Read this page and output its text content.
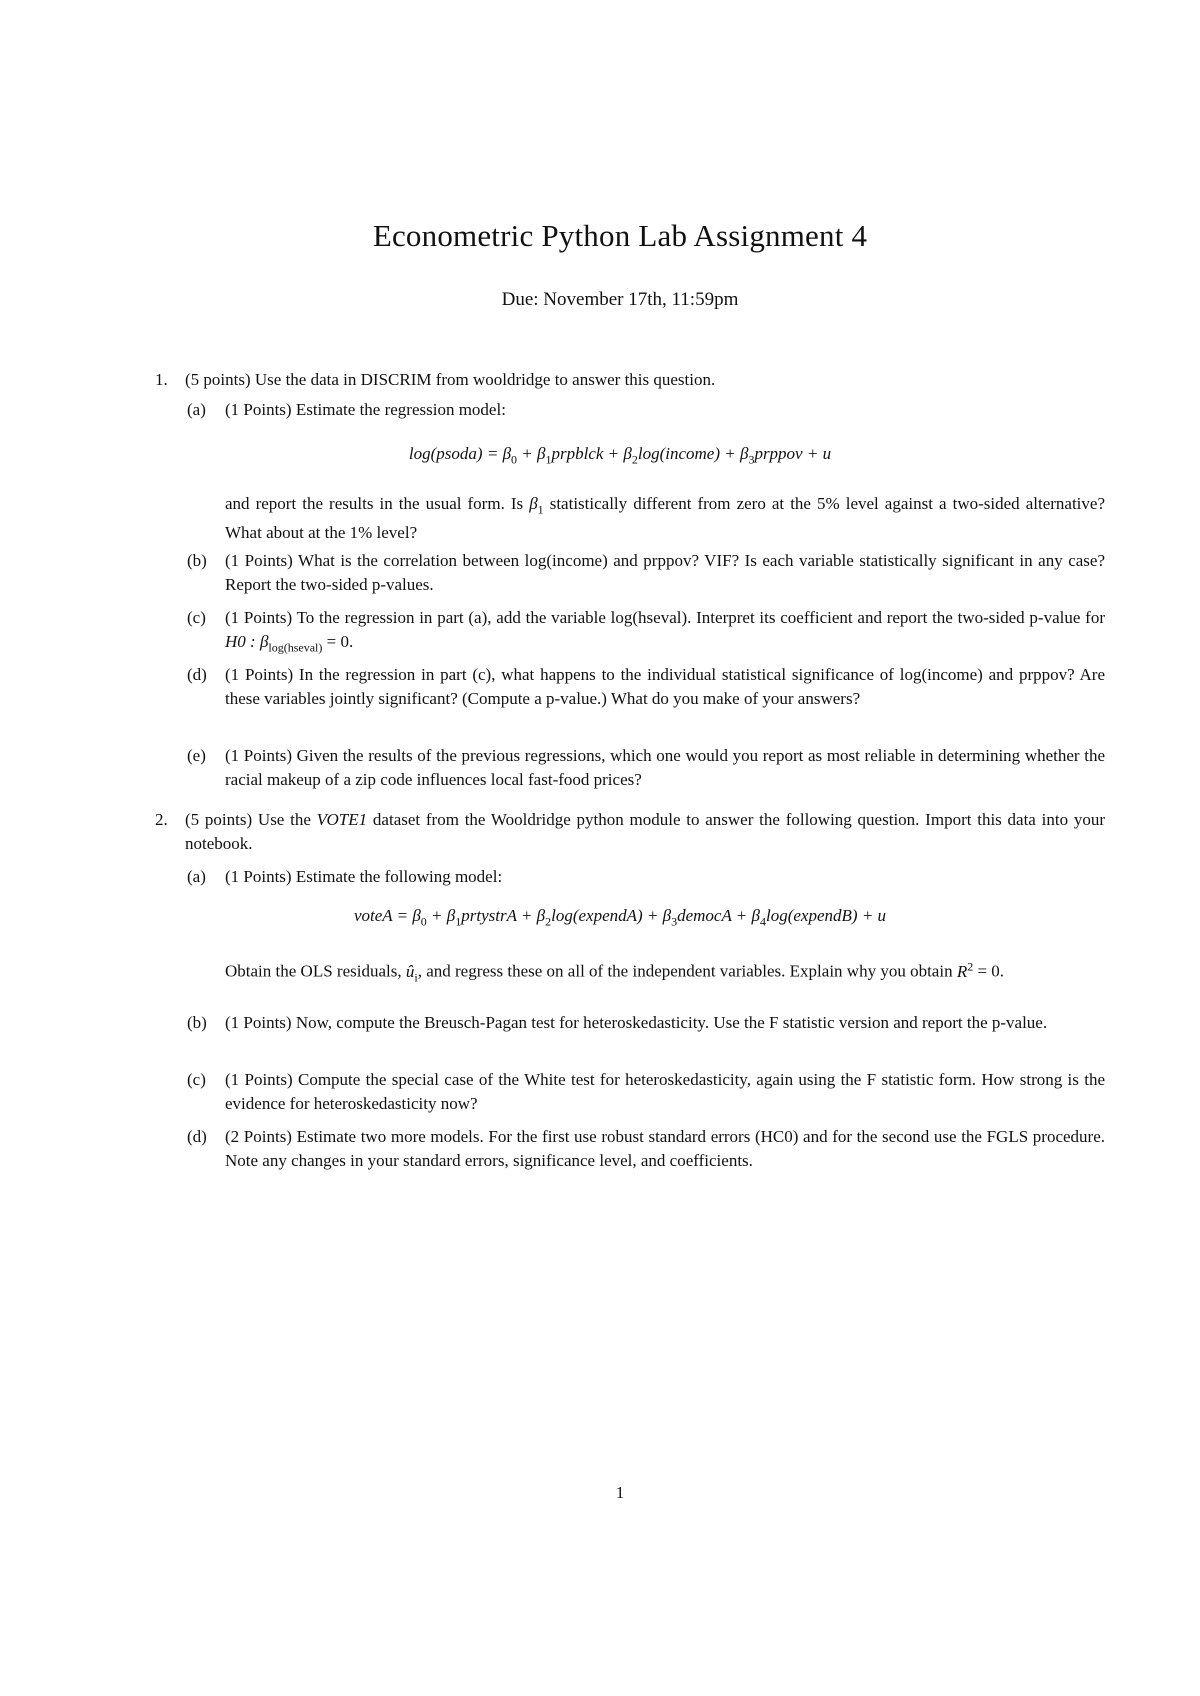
Econometric Python Lab Assignment 4
Due: November 17th, 11:59pm
1. (5 points) Use the data in DISCRIM from wooldridge to answer this question.
(a) (1 Points) Estimate the regression model:
log(psoda) = $\beta_0$ + $\beta_1prpblck$ + $\beta_2\log(income)$ + $\beta_3prppov + u$
and report the results in the usual form. Is $\beta_1$ statistically different from zero at the 5% level against a two-sided alternative? What about at the 1% level?
(b) (1 Points) What is the correlation between log(income) and prppov? VIF? Is each variable statistically significant in any case? Report the two-sided p-values.
(c) (1 Points) To the regression in part (a), add the variable log(hseval). Interpret its coefficient and report the two-sided p-value for H0 : $\beta_{log(hseval)} = 0$.
(d) (1 Points) In the regression in part (c), what happens to the individual statistical significance of log(income) and prppov? Are these variables jointly significant? (Compute a p-value.) What do you make of your answers?
(e) (1 Points) Given the results of the previous regressions, which one would you report as most reliable in determining whether the racial makeup of a zip code influences local fast-food prices?
2. (5 points) Use the VOTE1 dataset from the Wooldridge python module to answer the following question. Import this data into your notebook.
(a) (1 Points) Estimate the following model:
voteA = $\beta_0$ + $\beta_1prtystrA$ + $\beta_2\log(expendA)$ + $\beta_3democA$ + $\beta_4\log(expendB) + u$
Obtain the OLS residuals, $û_i$, and regress these on all of the independent variables. Explain why you obtain $R^2 = 0$.
(b) (1 Points) Now, compute the Breusch-Pagan test for heteroskedasticity. Use the F statistic version and report the p-value.
(c) (1 Points) Compute the special case of the White test for heteroskedasticity, again using the F statistic form. How strong is the evidence for heteroskedasticity now?
(d) (2 Points) Estimate two more models. For the first use robust standard errors (HC0) and for the second use the FGLS procedure. Note any changes in your standard errors, significance level, and coefficients.
1
